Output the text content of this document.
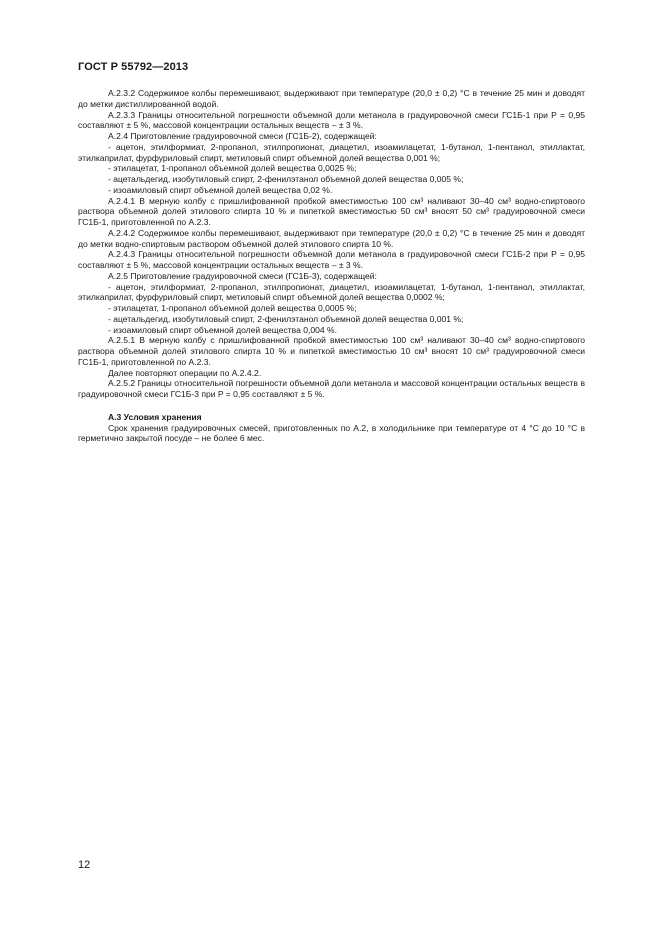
ГОСТ Р 55792—2013

А.2.3.2 Содержимое колбы перемешивают, выдерживают при температуре (20,0 ± 0,2) °С в течение 25 мин и доводят до метки дистиллированной водой.

А.2.3.3 Границы относительной погрешности объемной доли метанола в градуировочной смеси ГС1Б-1 при P = 0,95 составляют ± 5 %, массовой концентрации остальных веществ – ± 3 %.

А.2.4 Приготовление градуировочной смеси (ГС1Б-2), содержащей:

- ацетон, этилформиат, 2-пропанол, этилпропионат, диацетил, изоамилацетат, 1-бутанол, 1-пентанол, этиллактат, этилкаприлат, фурфуриловый спирт, метиловый спирт объемной долей вещества 0,001 %;

- этилацетат, 1-пропанол объемной долей вещества 0,0025 %;

- ацетальдегид, изобутиловый спирт, 2-фенилэтанол объемной долей вещества 0,005 %;

- изоамиловый спирт объемной долей вещества 0,02 %.

А.2.4.1 В мерную колбу с пришлифованной пробкой вместимостью 100 см³ наливают 30–40 см³ водно-спиртового раствора объемной долей этилового спирта 10 % и пипеткой вместимостью 50 см³ вносят 50 см³ градуировочной смеси ГС1Б-1, приготовленной по А.2.3.

А.2.4.2 Содержимое колбы перемешивают, выдерживают при температуре (20,0 ± 0,2) °С в течение 25 мин и доводят до метки водно-спиртовым раствором объемной долей этилового спирта 10 %.

А.2.4.3 Границы относительной погрешности объемной доли метанола в градуировочной смеси ГС1Б-2 при P = 0,95 составляют ± 5 %, массовой концентрации остальных веществ – ± 3 %.

А.2.5 Приготовление градуировочной смеси (ГС1Б-3), содержащей:

- ацетон, этилформиат, 2-пропанол, этилпропионат, диацетил, изоамилацетат, 1-бутанол, 1-пентанол, этиллактат, этилкаприлат, фурфуриловый спирт, метиловый спирт объемной долей вещества 0,0002 %;

- этилацетат, 1-пропанол объемной долей вещества 0,0005 %;

- ацетальдегид, изобутиловый спирт, 2-фенилэтанол объемной долей вещества 0,001 %;

- изоамиловый спирт объемной долей вещества 0,004 %.

А.2.5.1 В мерную колбу с пришлифованной пробкой вместимостью 100 см³ наливают 30–40 см³ водно-спиртового раствора объемной долей этилового спирта 10 % и пипеткой вместимостью 10 см³ вносят 10 см³ градуировочной смеси ГС1Б-1, приготовленной по А.2.3.

Далее повторяют операции по А.2.4.2.

А.2.5.2 Границы относительной погрешности объемной доли метанола и массовой концентрации остальных веществ в градуировочной смеси ГС1Б-3 при P = 0,95 составляют ± 5 %.

А.3 Условия хранения

Срок хранения градуировочных смесей, приготовленных по А.2, в холодильнике при температуре от 4 °С до 10 °С в герметично закрытой посуде – не более 6 мес.

12
